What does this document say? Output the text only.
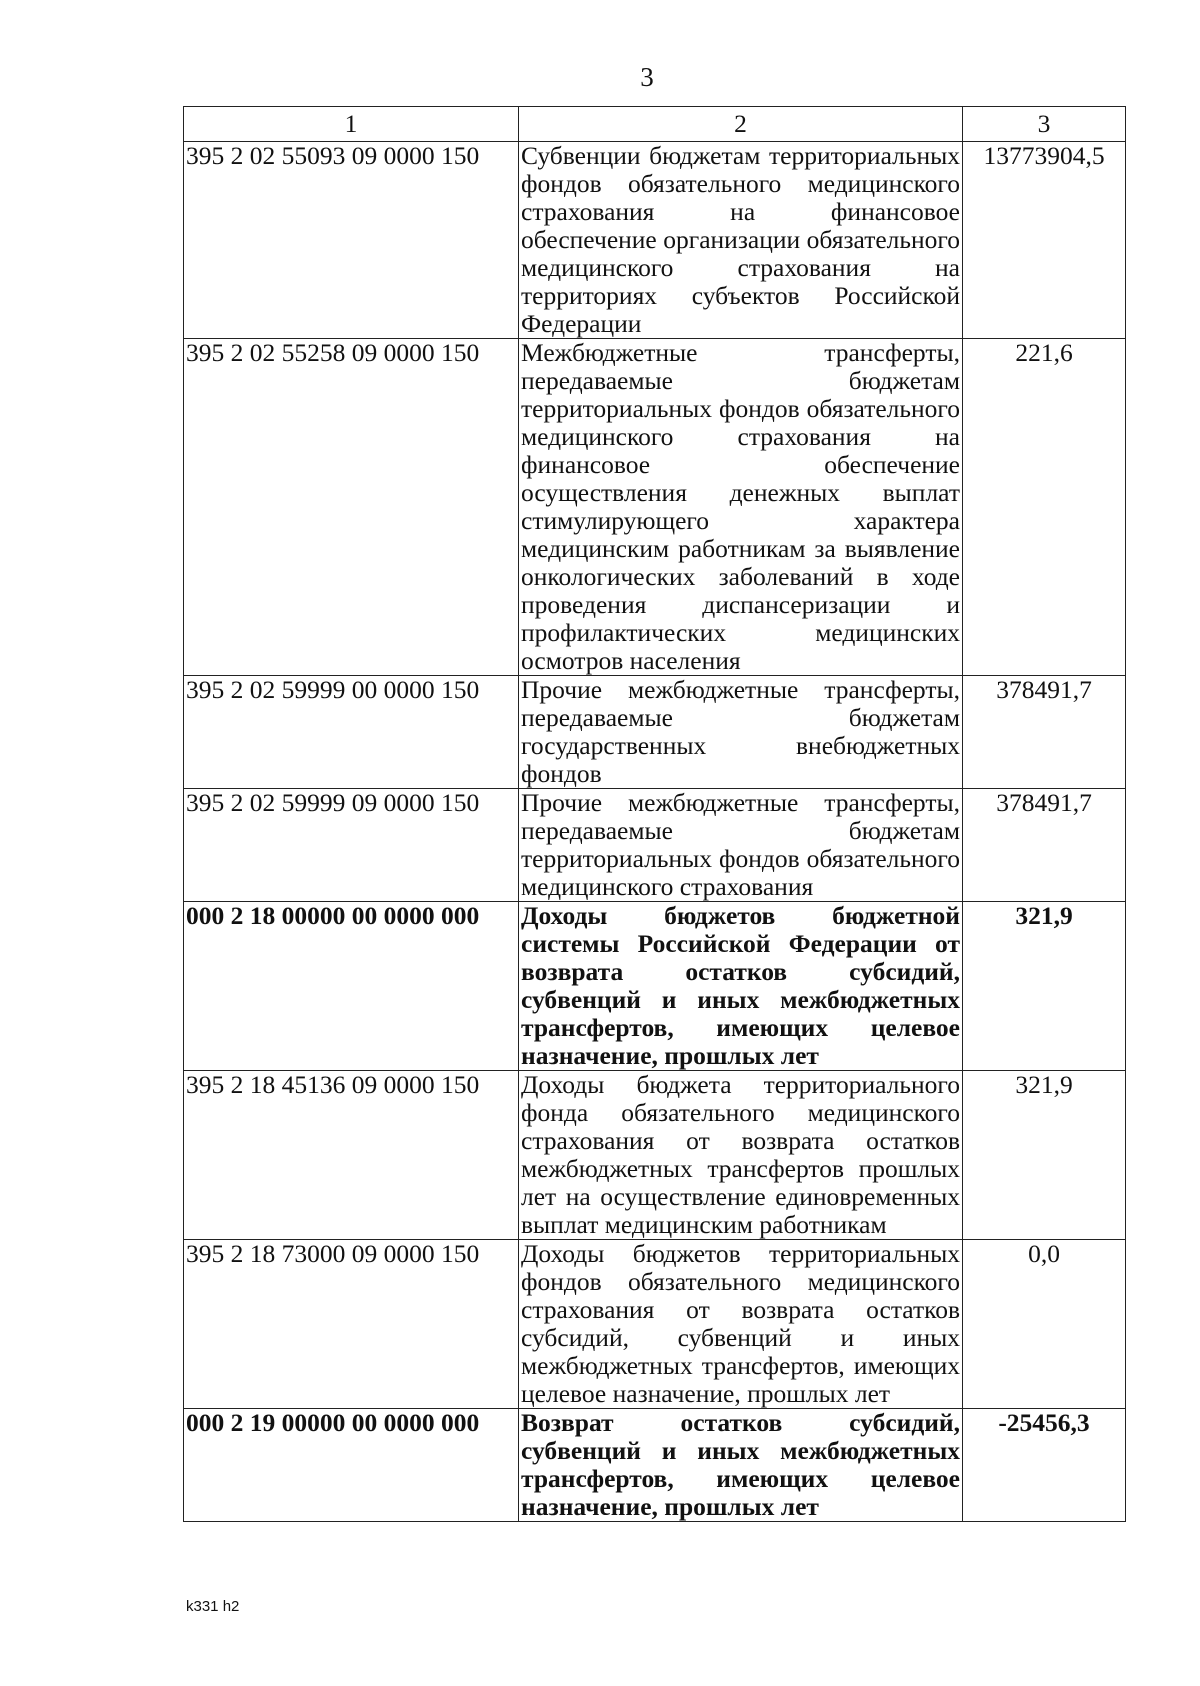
3
1	2	3
395 2 02 55093 09 0000 150	Субвенции бюджетам территориальных фондов обязательного медицинского страхования на финансовое обеспечение организации обязательного медицинского страхования на территориях субъектов Российской Федерации	13773904,5
395 2 02 55258 09 0000 150	Межбюджетные трансферты, передаваемые бюджетам территориальных фондов обязательного медицинского страхования на финансовое обеспечение осуществления денежных выплат стимулирующего характера медицинским работникам за выявление онкологических заболеваний в ходе проведения диспансеризации и профилактических медицинских осмотров населения	221,6
395 2 02 59999 00 0000 150	Прочие межбюджетные трансферты, передаваемые бюджетам государственных внебюджетных фондов	378491,7
395 2 02 59999 09 0000 150	Прочие межбюджетные трансферты, передаваемые бюджетам территориальных фондов обязательного медицинского страхования	378491,7
000 2 18 00000 00 0000 000	Доходы бюджетов бюджетной системы Российской Федерации от возврата остатков субсидий, субвенций и иных межбюджетных трансфертов, имеющих целевое назначение, прошлых лет	321,9
395 2 18 45136 09 0000 150	Доходы бюджета территориального фонда обязательного медицинского страхования от возврата остатков межбюджетных трансфертов прошлых лет на осуществление единовременных выплат медицинским работникам	321,9
395 2 18 73000 09 0000 150	Доходы бюджетов территориальных фондов обязательного медицинского страхования от возврата остатков субсидий, субвенций и иных межбюджетных трансфертов, имеющих целевое назначение, прошлых лет	0,0
000 2 19 00000 00 0000 000	Возврат остатков субсидий, субвенций и иных межбюджетных трансфертов, имеющих целевое назначение, прошлых лет	-25456,3
k331 h2
